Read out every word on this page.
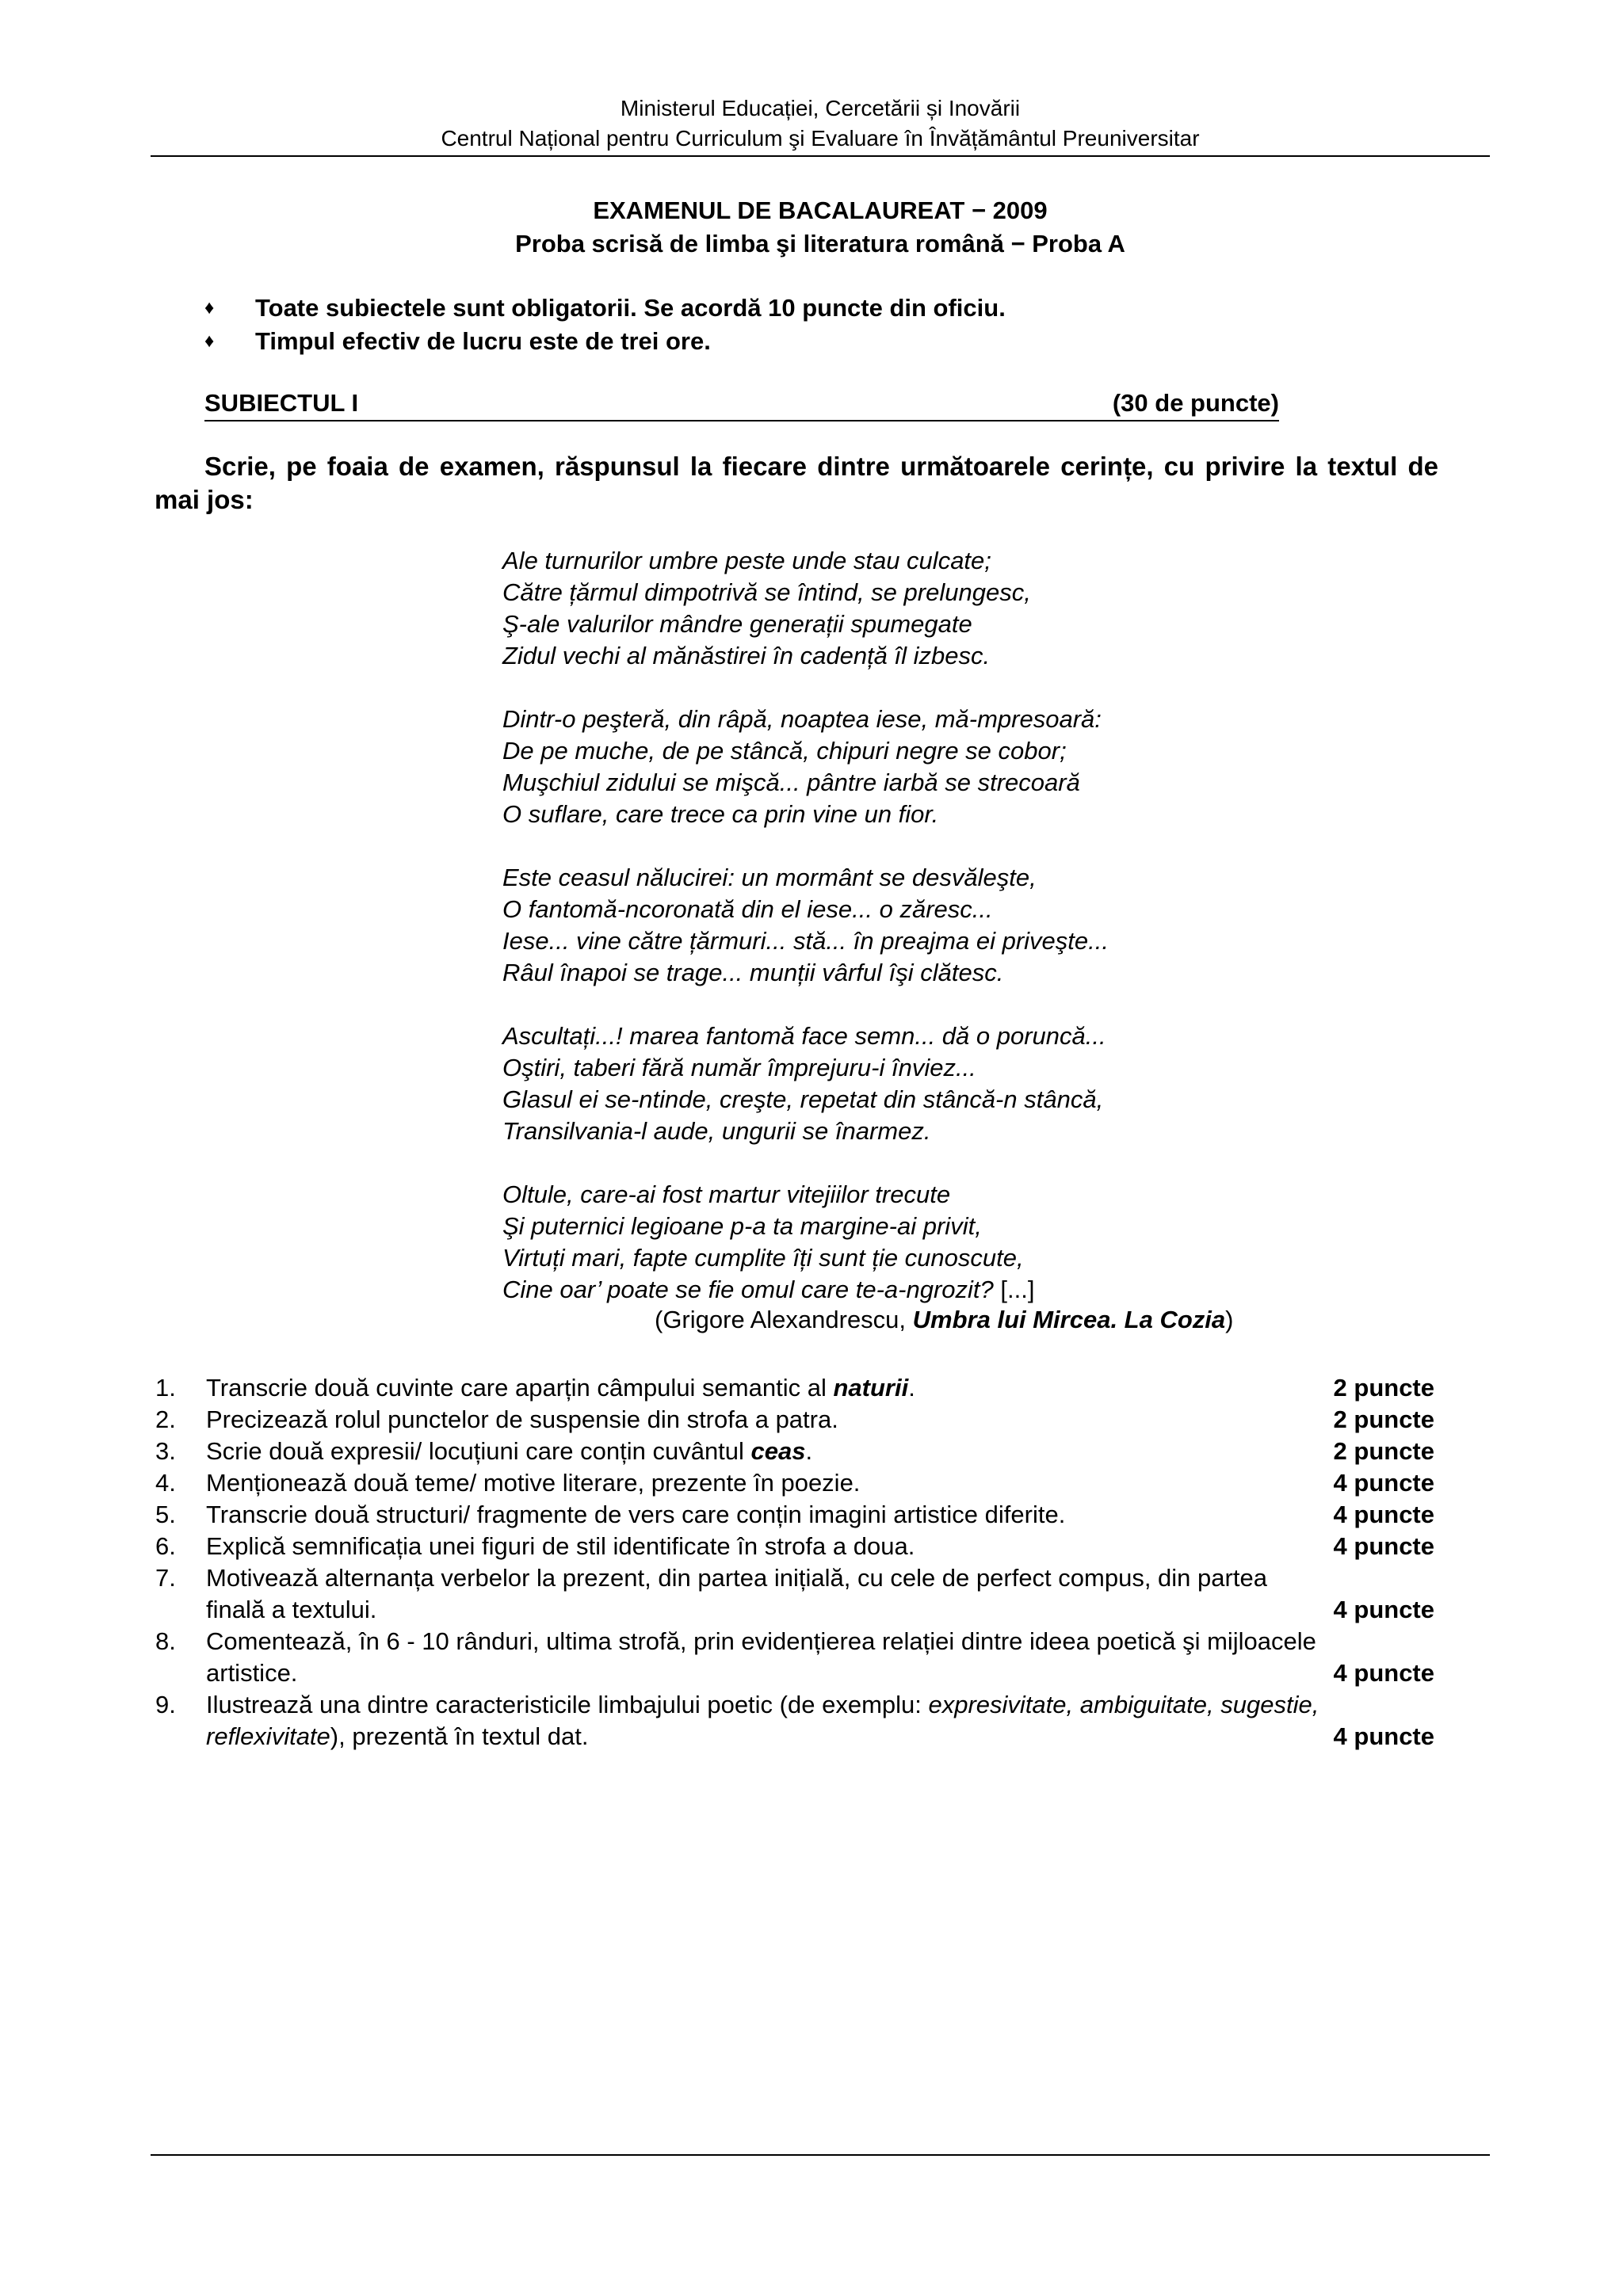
Ministerul Educației, Cercetării și Inovării
Centrul Național pentru Curriculum şi Evaluare în Învățământul Preuniversitar
EXAMENUL DE BACALAUREAT − 2009
Proba scrisă de limba şi literatura română − Proba A
♦	Toate subiectele sunt obligatorii. Se acordă 10 puncte din oficiu.
♦	Timpul efectiv de lucru este de trei ore.
SUBIECTUL I	(30 de puncte)
Scrie, pe foaia de examen, răspunsul la fiecare dintre următoarele cerințe, cu privire la textul de mai jos:
Ale turnurilor umbre peste unde stau culcate;
Către țărmul dimpotrivă se întind, se prelungesc,
Ş-ale valurilor mândre generații spumegate
Zidul vechi al mănăstirei în cadență îl izbesc.
Dintr-o peşteră, din râpă, noaptea iese, mă-mpresoară:
De pe muche, de pe stâncă, chipuri negre se cobor;
Muşchiul zidului se mişcă... pântre iarbă se strecoară
O suflare, care trece ca prin vine un fior.
Este ceasul nălucirei: un mormânt se desvăleşte,
O fantomă-ncoronată din el iese... o zăresc...
Iese... vine către țărmuri... stă... în preajma ei priveşte...
Râul înapoi se trage... munții vârful îşi clătesc.
Ascultați...! marea fantomă face semn... dă o poruncă...
Oştiri, taberi fără număr împrejuru-i înviez...
Glasul ei se-ntinde, creşte, repetat din stâncă-n stâncă,
Transilvania-l aude, ungurii se înarmez.
Oltule, care-ai fost martur vitejiilor trecute
Şi puternici legioane p-a ta margine-ai privit,
Virtuți mari, fapte cumplite îți sunt ție cunoscute,
Cine oar’ poate se fie omul care te-a-ngrozit? [...]
(Grigore Alexandrescu, Umbra lui Mircea. La Cozia)
1. Transcrie două cuvinte care aparțin câmpului semantic al naturii.	2 puncte
2. Precizează rolul punctelor de suspensie din strofa a patra.	2 puncte
3. Scrie două expresii/ locuțiuni care conțin cuvântul ceas.	2 puncte
4. Menționează două teme/ motive literare, prezente în poezie.	4 puncte
5. Transcrie două structuri/ fragmente de vers care conțin imagini artistice diferite.	4 puncte
6. Explică semnificația unei figuri de stil identificate în strofa a doua.	4 puncte
7. Motivează alternanța verbelor la prezent, din partea inițială, cu cele de perfect compus, din partea finală a textului.	4 puncte
8. Comentează, în 6 - 10 rânduri, ultima strofă, prin evidențierea relației dintre ideea poetică şi mijloacele artistice.	4 puncte
9. Ilustrează una dintre caracteristicile limbajului poetic (de exemplu: expresivitate, ambiguitate, sugestie, reflexivitate), prezentă în textul dat.	4 puncte
